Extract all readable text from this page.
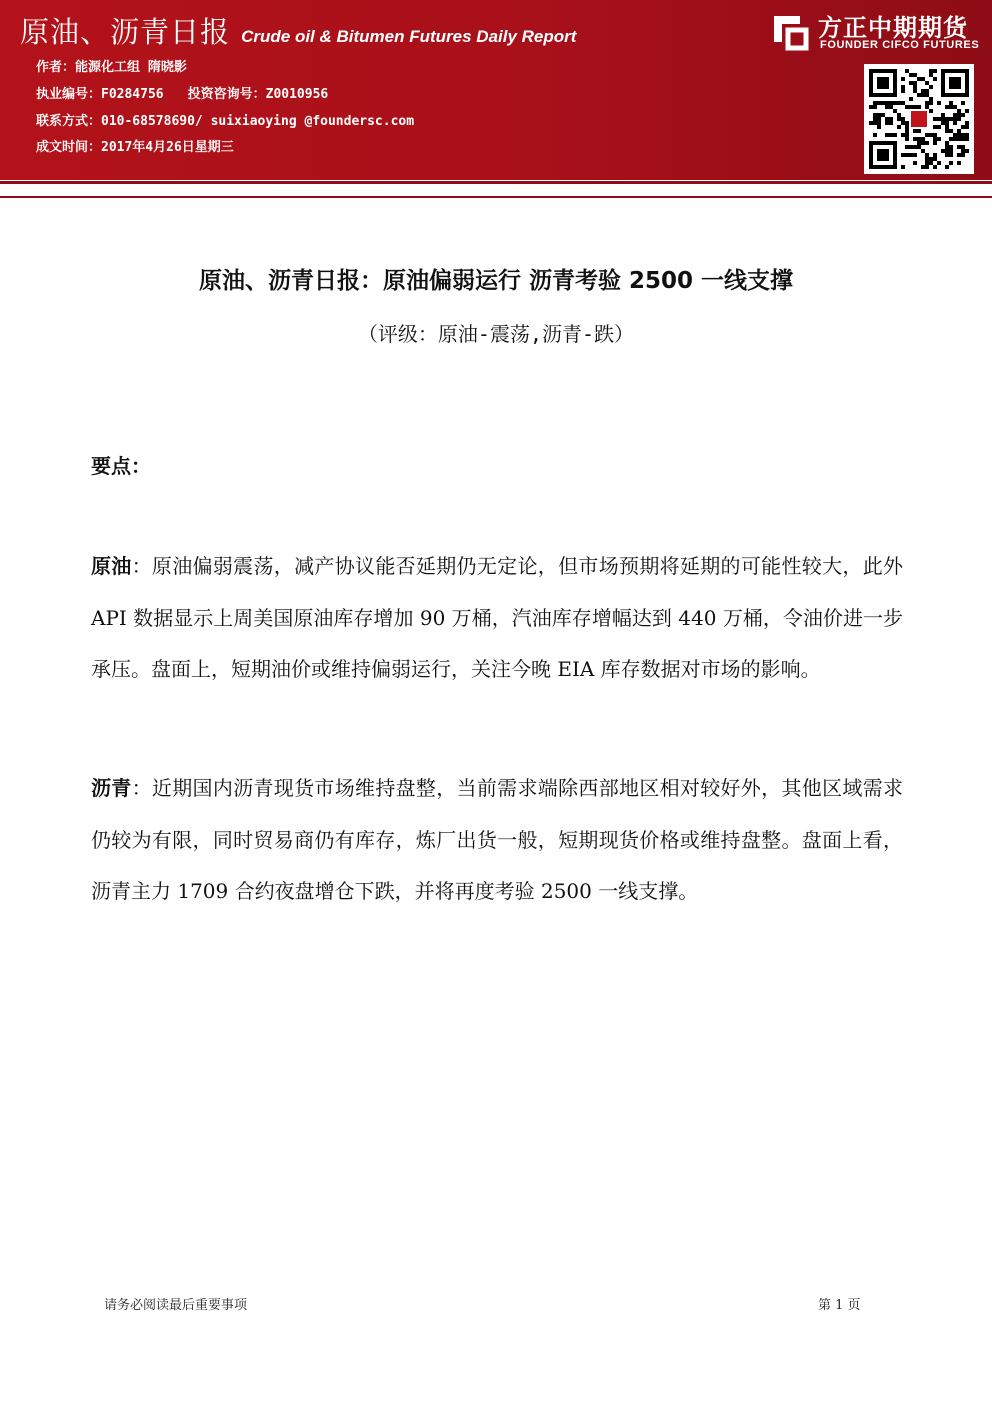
原油、沥青日报 Crude oil & Bitumen Futures Daily Report
作者：能源化工组 隋晓影
执业编号：F0284756 投资咨询号：Z0010956
联系方式：010-68578690/ suixiaoying @foundersc.com
成文时间：2017年4月26日星期三
方正中期期货
FOUNDER CIFCO FUTURES
原油、沥青日报：原油偏弱运行 沥青考验 2500 一线支撑
（评级：原油-震荡,沥青-跌）
要点：
原油：原油偏弱震荡，减产协议能否延期仍无定论，但市场预期将延期的可能性较大，此外 API 数据显示上周美国原油库存增加 90 万桶，汽油库存增幅达到 440 万桶，令油价进一步承压。盘面上，短期油价或维持偏弱运行，关注今晚 EIA 库存数据对市场的影响。
沥青：近期国内沥青现货市场维持盘整，当前需求端除西部地区相对较好外，其他区域需求仍较为有限，同时贸易商仍有库存，炼厂出货一般，短期现货价格或维持盘整。盘面上看，沥青主力 1709 合约夜盘增仓下跌，并将再度考验 2500 一线支撑。
请务必阅读最后重要事项	第 1 页
